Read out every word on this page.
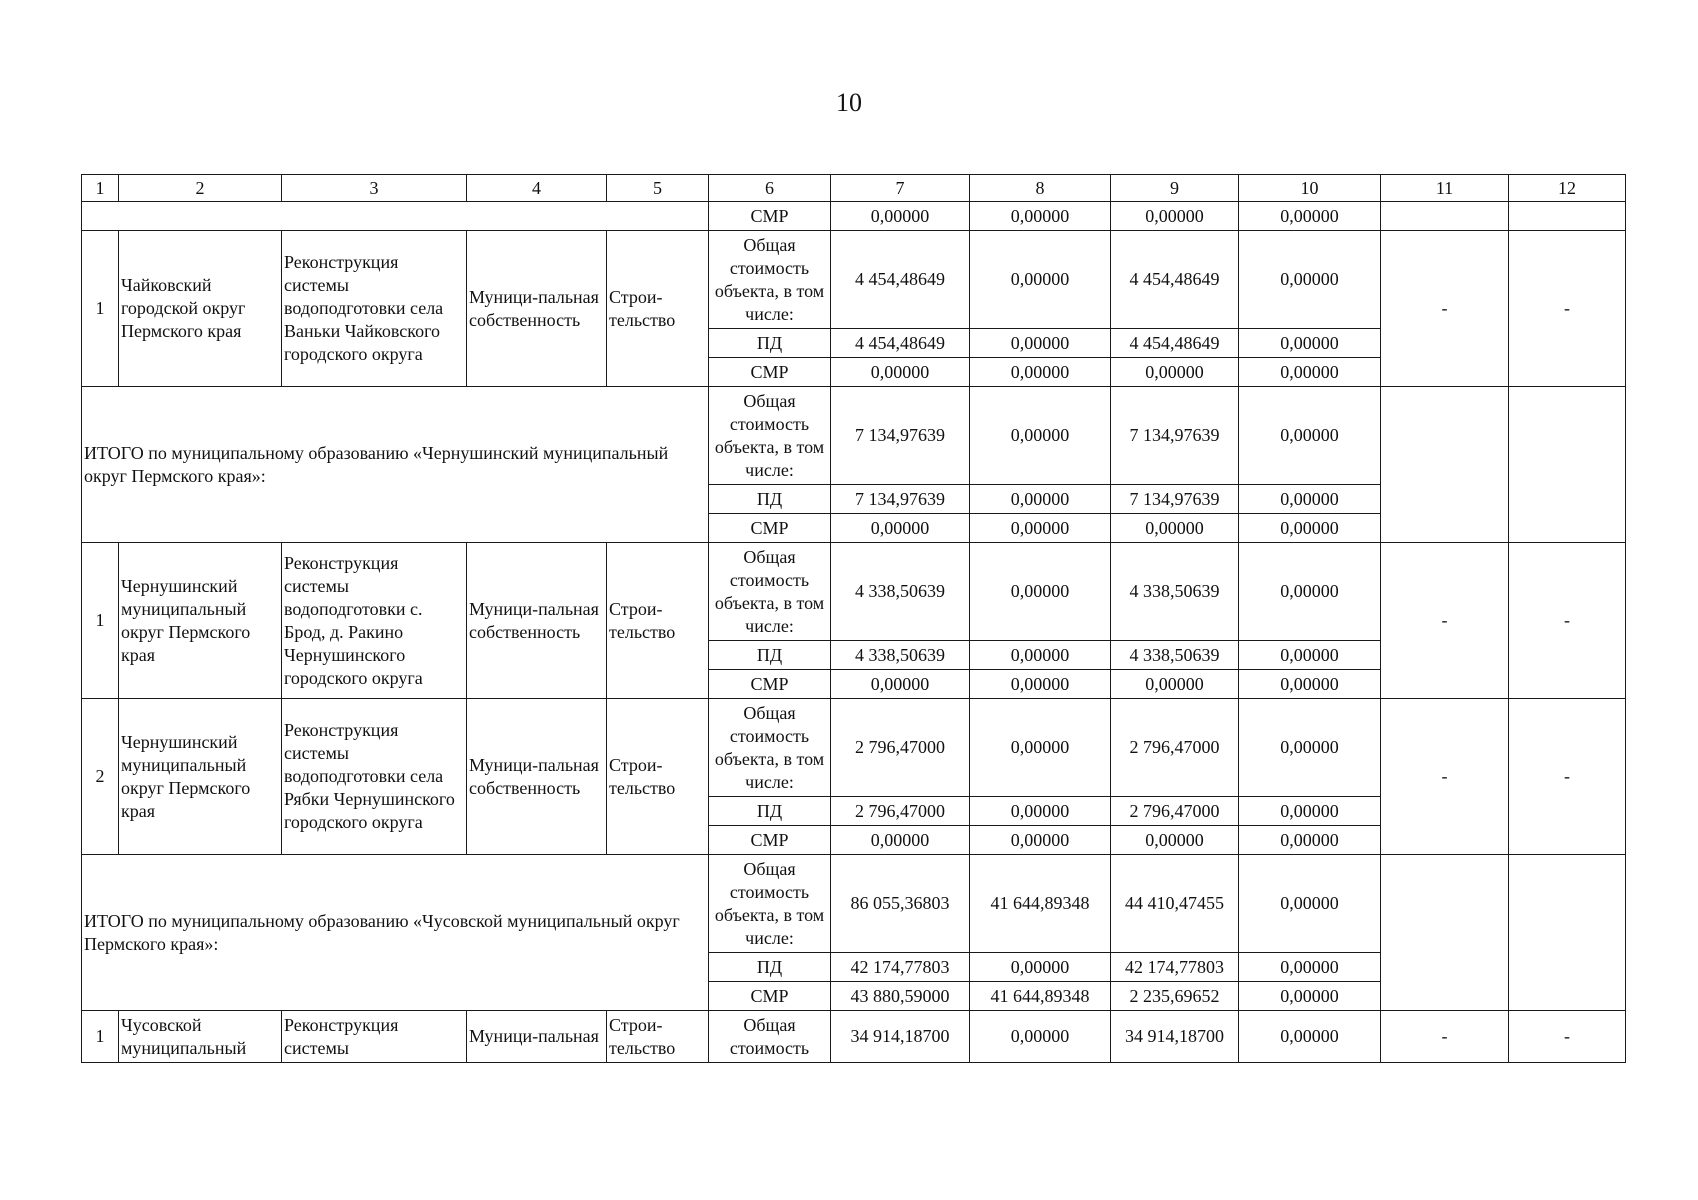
10
1	2	3	4	5	6	7	8	9	10	11	12
					СМР	0,00000	0,00000	0,00000	0,00000		
1	Чайковский городской округ Пермского края	Реконструкция системы водоподготовки села Ваньки Чайковского городского округа	Муници-пальная собственность	Строи-тельство	Общая стоимость объекта, в том числе:	4 454,48649	0,00000	4 454,48649	0,00000	-	-
					ПД	4 454,48649	0,00000	4 454,48649	0,00000		
					СМР	0,00000	0,00000	0,00000	0,00000		
ИТОГО по муниципальному образованию «Чернушинский муниципальный округ Пермского края»:					Общая стоимость объекта, в том числе:	7 134,97639	0,00000	7 134,97639	0,00000		
					ПД	7 134,97639	0,00000	7 134,97639	0,00000		
					СМР	0,00000	0,00000	0,00000	0,00000		
1	Чернушинский муниципальный округ Пермского края	Реконструкция системы водоподготовки с. Брод, д. Ракино Чернушинского городского округа	Муници-пальная собственность	Строи-тельство	Общая стоимость объекта, в том числе:	4 338,50639	0,00000	4 338,50639	0,00000	-	-
					ПД	4 338,50639	0,00000	4 338,50639	0,00000		
					СМР	0,00000	0,00000	0,00000	0,00000		
2	Чернушинский муниципальный округ Пермского края	Реконструкция системы водоподготовки села Рябки Чернушинского городского округа	Муници-пальная собственность	Строи-тельство	Общая стоимость объекта, в том числе:	2 796,47000	0,00000	2 796,47000	0,00000	-	-
					ПД	2 796,47000	0,00000	2 796,47000	0,00000		
					СМР	0,00000	0,00000	0,00000	0,00000		
ИТОГО по муниципальному образованию «Чусовской муниципальный округ Пермского края»:					Общая стоимость объекта, в том числе:	86 055,36803	41 644,89348	44 410,47455	0,00000		
					ПД	42 174,77803	0,00000	42 174,77803	0,00000		
					СМР	43 880,59000	41 644,89348	2 235,69652	0,00000		
1	Чусовской муниципальный	Реконструкция системы	Муници-пальная	Строи-тельство	Общая стоимость	34 914,18700	0,00000	34 914,18700	0,00000	-	-
